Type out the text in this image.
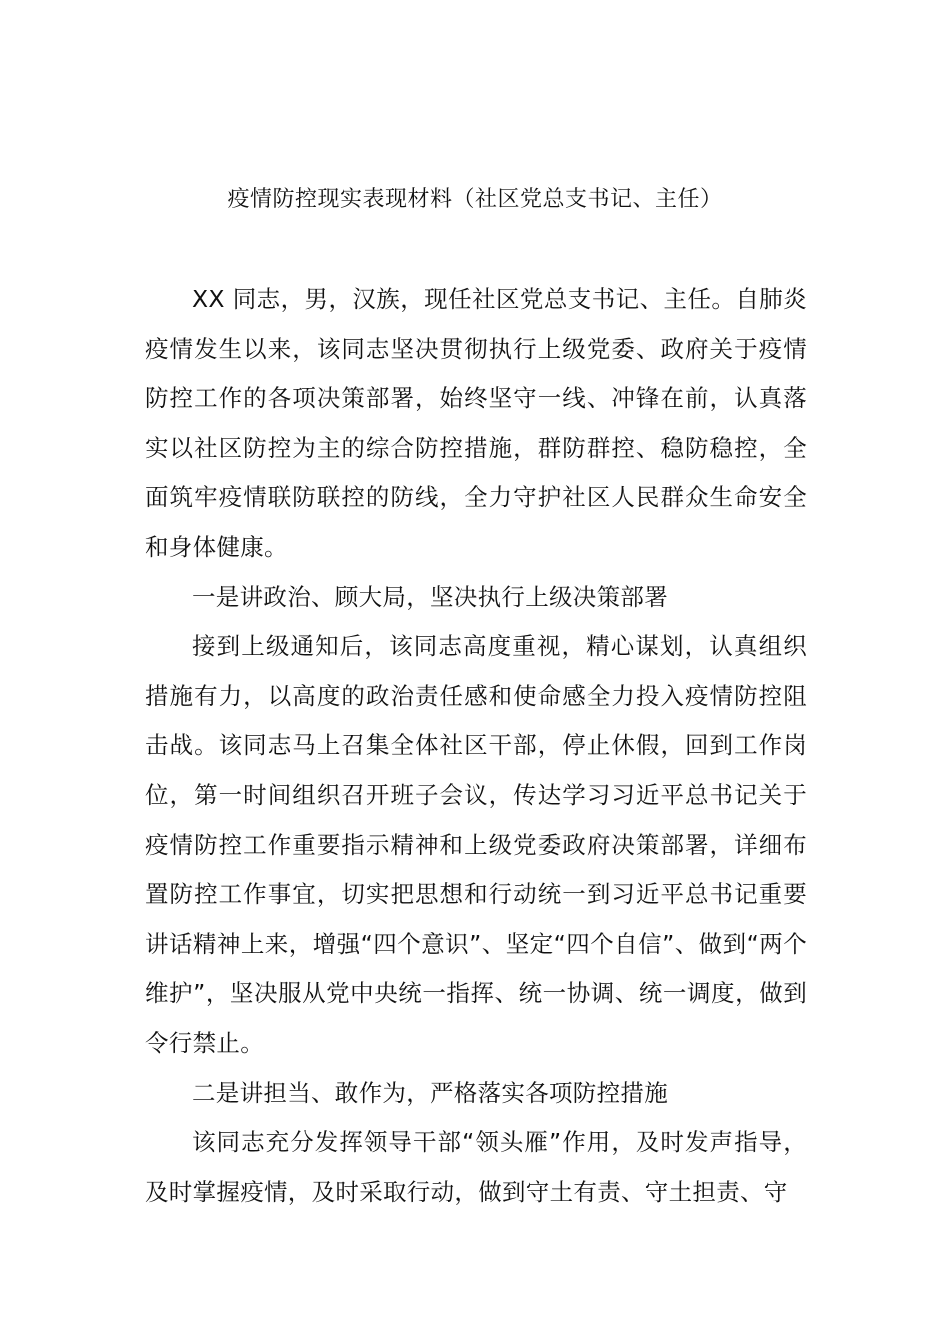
疫情防控现实表现材料（社区党总支书记、主任）

XX 同志，男，汉族，现任社区党总支书记、主任。自肺炎疫情发生以来，该同志坚决贯彻执行上级党委、政府关于疫情防控工作的各项决策部署，始终坚守一线、冲锋在前，认真落实以社区防控为主的综合防控措施，群防群控、稳防稳控，全面筑牢疫情联防联控的防线，全力守护社区人民群众生命安全和身体健康。

一是讲政治、顾大局，坚决执行上级决策部署

接到上级通知后，该同志高度重视，精心谋划，认真组织 措施有力，以高度的政治责任感和使命感全力投入疫情防控阻击战。该同志马上召集全体社区干部，停止休假，回到工作岗位，第一时间组织召开班子会议，传达学习习近平总书记关于疫情防控工作重要指示精神和上级党委政府决策部署，详细布置防控工作事宜，切实把思想和行动统一到习近平总书记重要讲话精神上来，增强“四个意识”、坚定“四个自信”、做到“两个维护”，坚决服从党中央统一指挥、统一协调、统一调度，做到令行禁止。

二是讲担当、敢作为，严格落实各项防控措施

该同志充分发挥领导干部“领头雁”作用，及时发声指导，及时掌握疫情，及时采取行动，做到守土有责、守土担责、守
